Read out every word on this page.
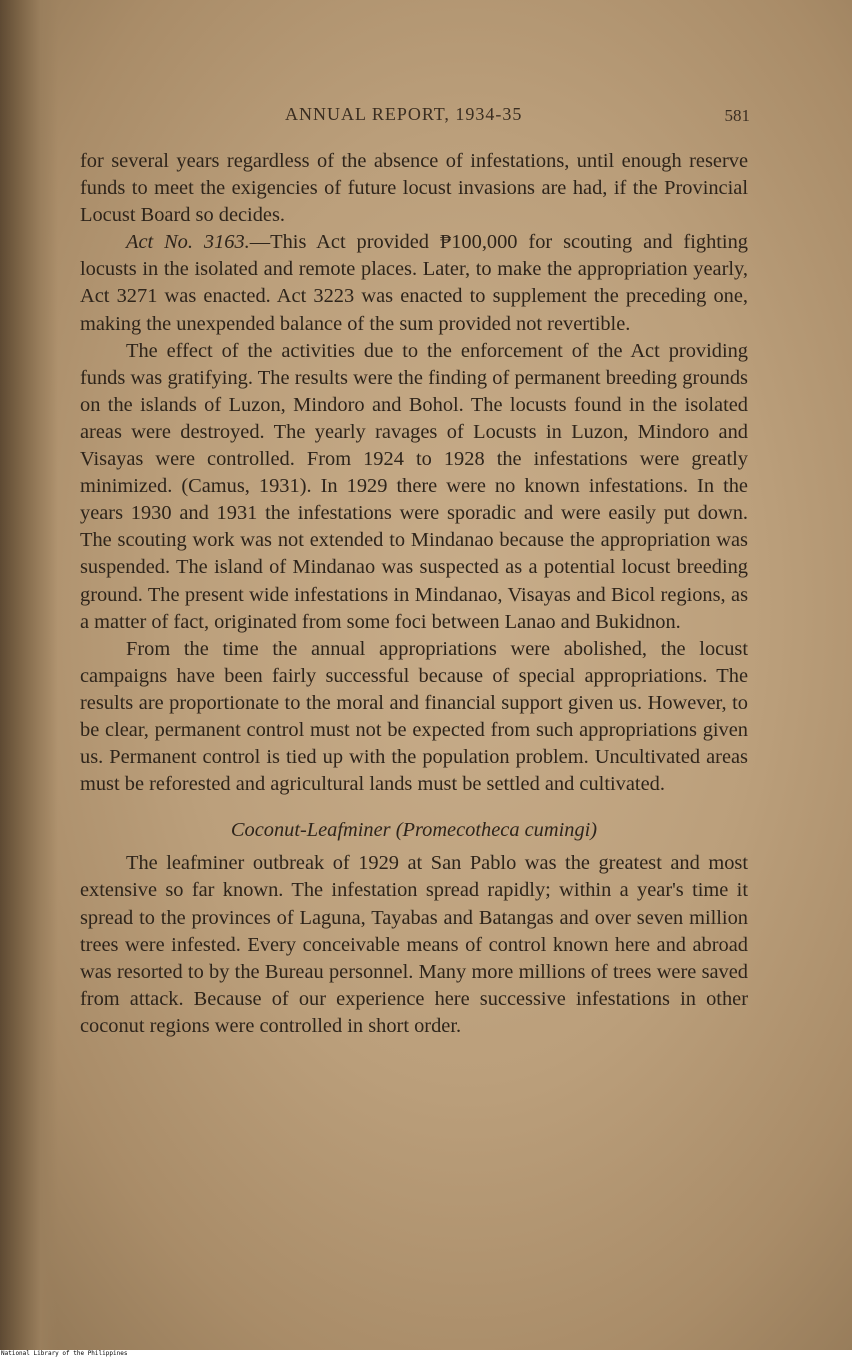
ANNUAL REPORT, 1934-35	581

for several years regardless of the absence of infestations, until enough reserve funds to meet the exigencies of future locust invasions are had, if the Provincial Locust Board so decides.

Act No. 3163.—This Act provided ₱100,000 for scouting and fighting locusts in the isolated and remote places. Later, to make the appropriation yearly, Act 3271 was enacted. Act 3223 was enacted to supplement the preceding one, making the unexpended balance of the sum provided not revertible.

The effect of the activities due to the enforcement of the Act providing funds was gratifying. The results were the finding of permanent breeding grounds on the islands of Luzon, Mindoro and Bohol. The locusts found in the isolated areas were destroyed. The yearly ravages of Locusts in Luzon, Mindoro and Visayas were controlled. From 1924 to 1928 the infestations were greatly minimized. (Camus, 1931). In 1929 there were no known infestations. In the years 1930 and 1931 the infestations were sporadic and were easily put down. The scouting work was not extended to Mindanao because the appropriation was suspended. The island of Mindanao was suspected as a potential locust breeding ground. The present wide infestations in Mindanao, Visayas and Bicol regions, as a matter of fact, originated from some foci between Lanao and Bukidnon.

From the time the annual appropriations were abolished, the locust campaigns have been fairly successful because of special appropriations. The results are proportionate to the moral and financial support given us. However, to be clear, permanent control must not be expected from such appropriations given us. Permanent control is tied up with the population problem. Uncultivated areas must be reforested and agricultural lands must be settled and cultivated.

Coconut-Leafminer (Promecotheca cumingi)

The leafminer outbreak of 1929 at San Pablo was the greatest and most extensive so far known. The infestation spread rapidly; within a year's time it spread to the provinces of Laguna, Tayabas and Batangas and over seven million trees were infested. Every conceivable means of control known here and abroad was resorted to by the Bureau personnel. Many more millions of trees were saved from attack. Because of our experience here successive infestations in other coconut regions were controlled in short order.

National Library of the Philippines
